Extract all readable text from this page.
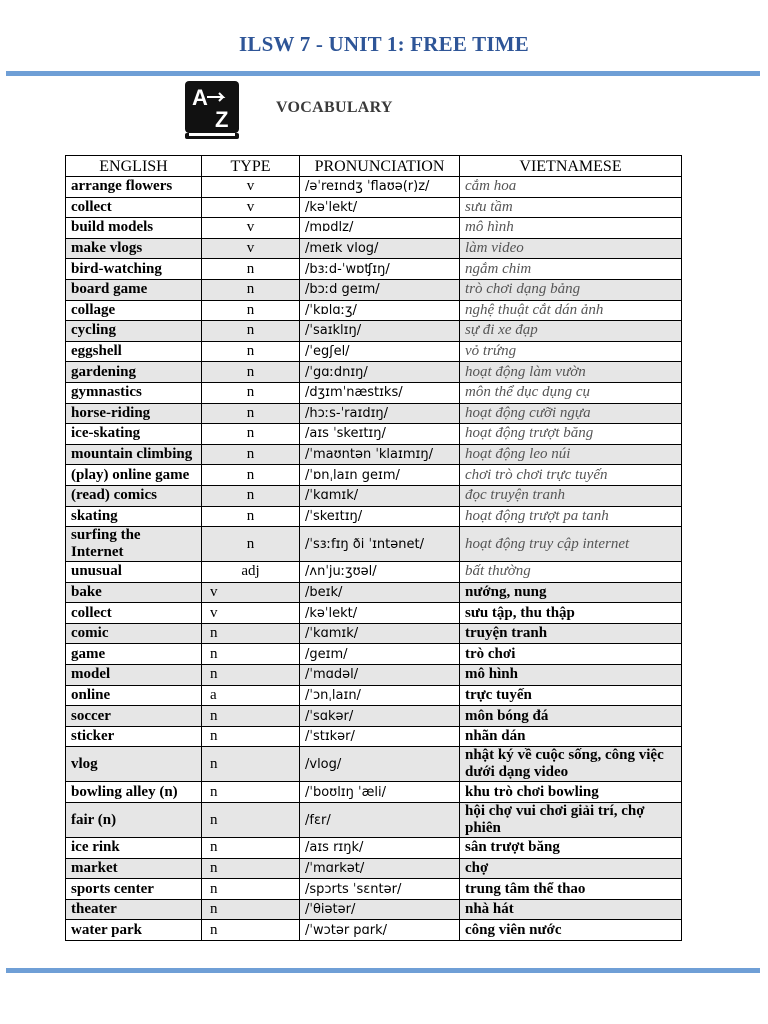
ILSW 7 - UNIT 1: FREE TIME
A
Z	VOCABULARY
ENGLISH	TYPE	PRONUNCIATION	VIETNAMESE
arrange flowers	v	/əˈreɪndʒ ˈflaʊə(r)z/	cắm hoa
collect	v	/kəˈlekt/	sưu tầm
build models	v	/mɒdlz/	mô hình
make vlogs	v	/meɪk vlog/	làm video
bird-watching	n	/bɜːd-ˈwɒʧɪŋ/	ngắm chim
board game	n	/bɔːd geɪm/	trò chơi dạng bảng
collage	n	/ˈkɒlɑːʒ/	nghệ thuật cắt dán ảnh
cycling	n	/ˈsaɪklɪŋ/	sự đi xe đạp
eggshell	n	/ˈegʃel/	vỏ trứng
gardening	n	/ˈgɑːdnɪŋ/	hoạt động làm vườn
gymnastics	n	/dʒɪmˈnæstɪks/	môn thể dục dụng cụ
horse-riding	n	/hɔːs-ˈraɪdɪŋ/	hoạt động cưỡi ngựa
ice-skating	n	/aɪs ˈskeɪtɪŋ/	hoạt động trượt băng
mountain climbing	n	/ˈmaʊntən ˈklaɪmɪŋ/	hoạt động leo núi
(play) online game	n	/ˈɒnˌlaɪn geɪm/	chơi trò chơi trực tuyến
(read) comics	n	/ˈkɑmɪk/	đọc truyện tranh
skating	n	/ˈskeɪtɪŋ/	hoạt động trượt pa tanh
surfing the Internet	n	/ˈsɜːfɪŋ ði ˈɪntənet/	hoạt động truy cập internet
unusual	adj	/ʌnˈjuːʒʊəl/	bất thường
bake	v	/beɪk/	nướng, nung
collect	v	/kəˈlekt/	sưu tập, thu thập
comic	n	/ˈkɑmɪk/	truyện tranh
game	n	/geɪm/	trò chơi
model	n	/ˈmɑdəl/	mô hình
online	a	/ˈɔnˌlaɪn/	trực tuyến
soccer	n	/ˈsɑkər/	môn bóng đá
sticker	n	/ˈstɪkər/	nhãn dán
vlog	n	/vlog/	nhật ký về cuộc sống, công việc dưới dạng video
bowling alley (n)	n	/ˈboʊlɪŋ ˈæli/	khu trò chơi bowling
fair (n)	n	/fɛr/	hội chợ vui chơi giải trí, chợ phiên
ice rink	n	/aɪs rɪŋk/	sân trượt băng
market	n	/ˈmɑrkət/	chợ
sports center	n	/spɔrts ˈsɛntər/	trung tâm thể thao
theater	n	/ˈθiətər/	nhà hát
water park	n	/ˈwɔtər pɑrk/	công viên nước
